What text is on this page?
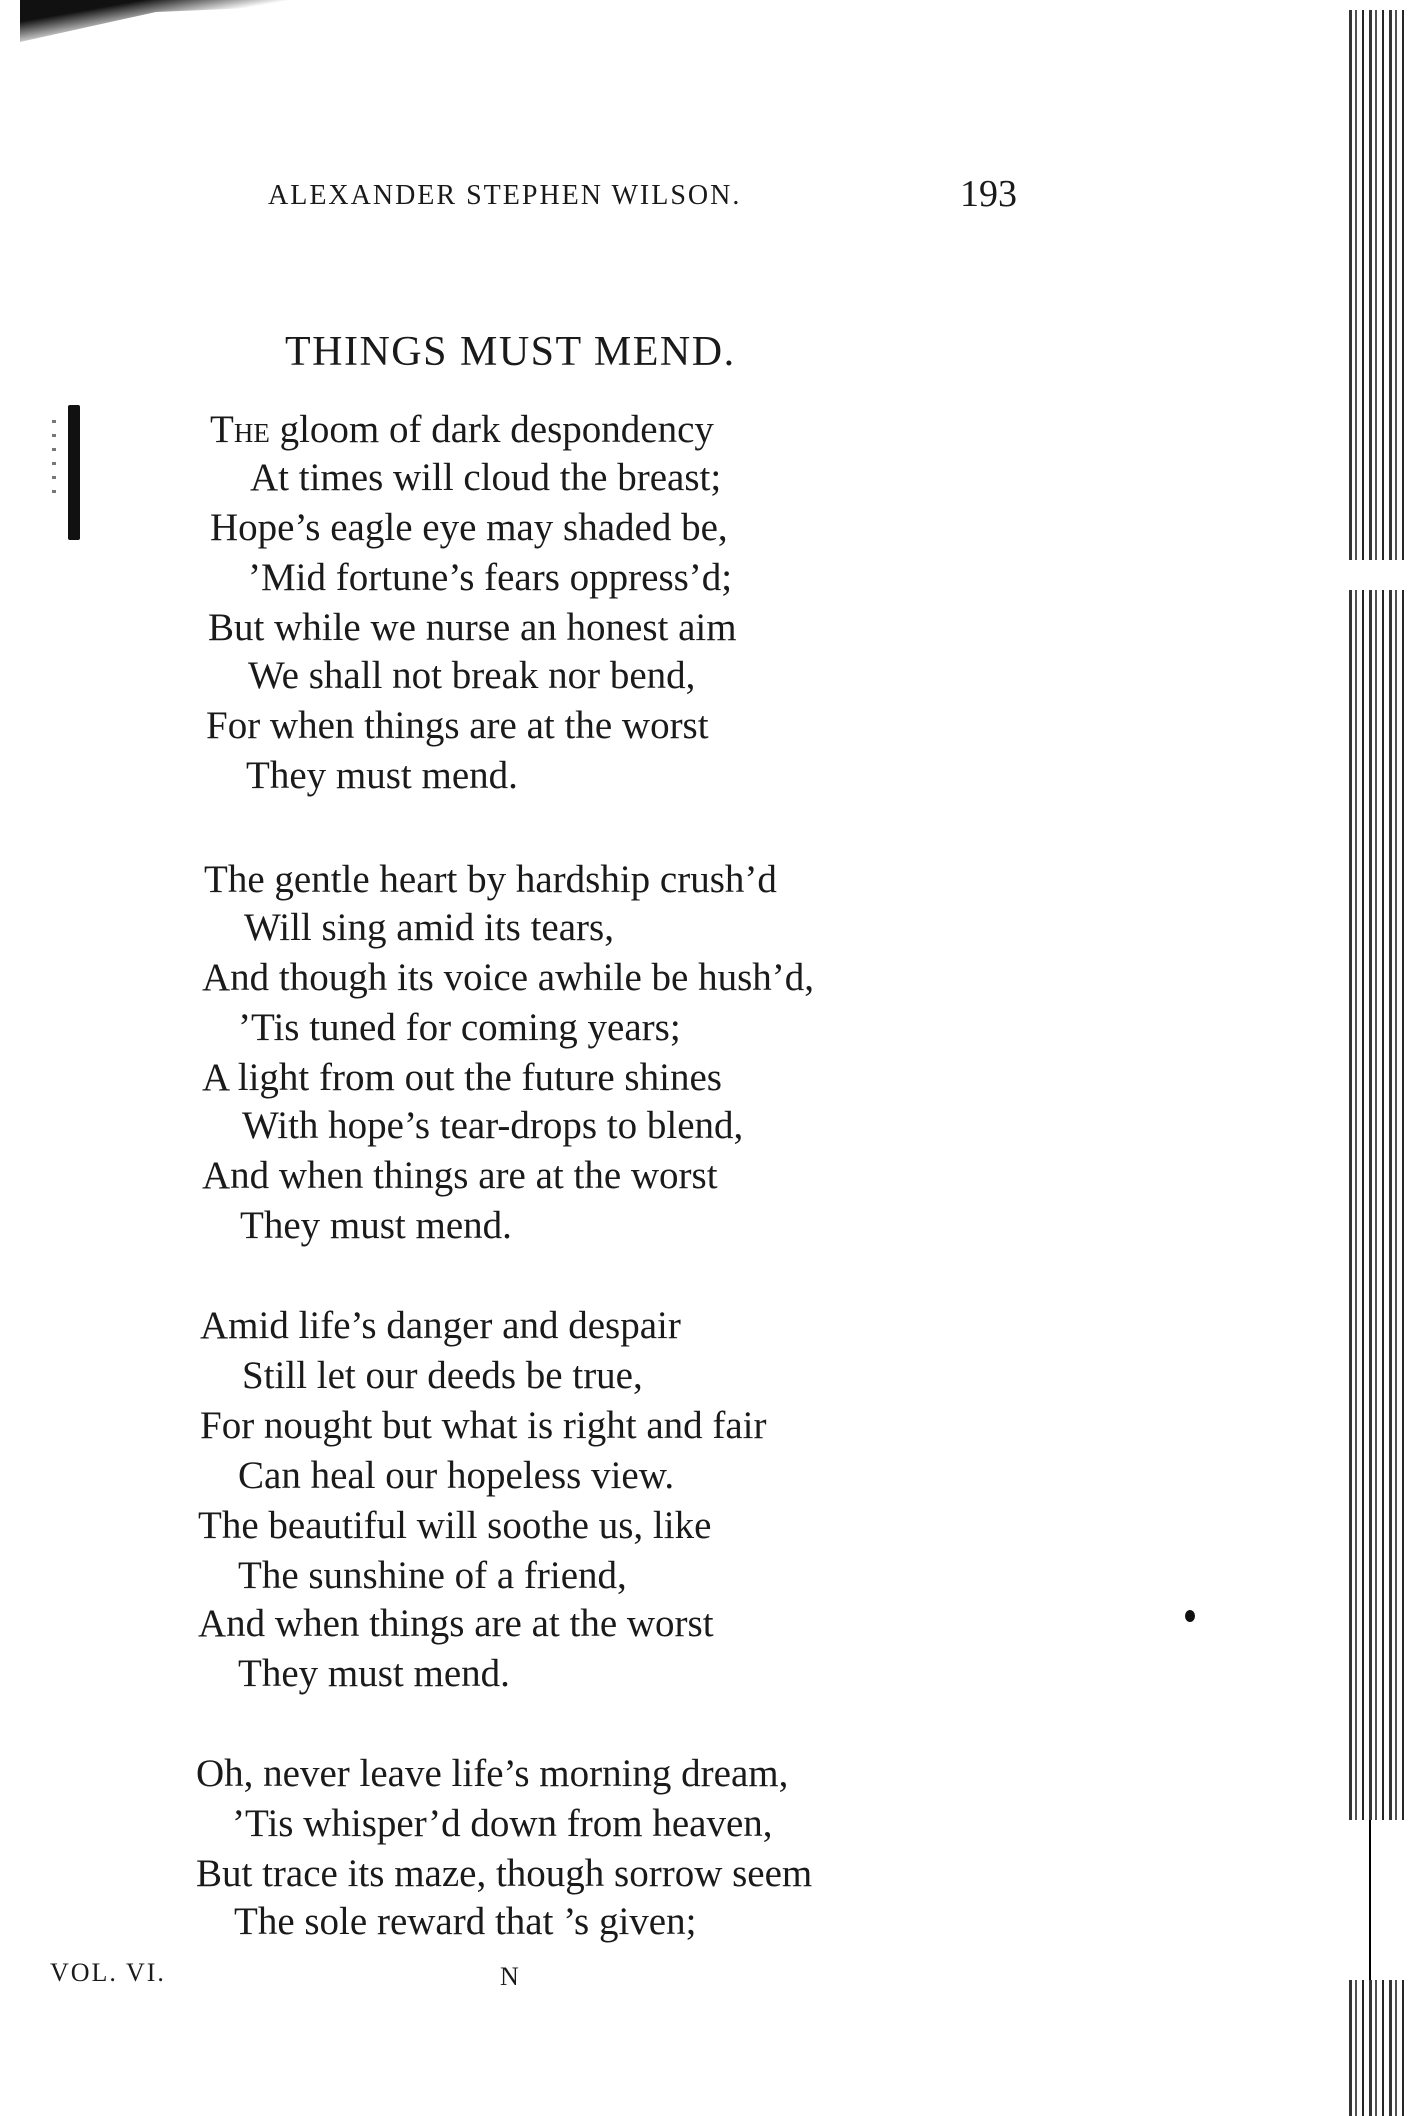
ALEXANDER STEPHEN WILSON.	193
THINGS MUST MEND.
The gloom of dark despondency
At times will cloud the breast;
Hope’s eagle eye may shaded be,
’Mid fortune’s fears oppress’d;
But while we nurse an honest aim
We shall not break nor bend,
For when things are at the worst
They must mend.
The gentle heart by hardship crush’d
Will sing amid its tears,
And though its voice awhile be hush’d,
’Tis tuned for coming years;
A light from out the future shines
With hope’s tear-drops to blend,
And when things are at the worst
They must mend.
Amid life’s danger and despair
Still let our deeds be true,
For nought but what is right and fair
Can heal our hopeless view.
The beautiful will soothe us, like
The sunshine of a friend,
And when things are at the worst
They must mend.
Oh, never leave life’s morning dream,
’Tis whisper’d down from heaven,
But trace its maze, though sorrow seem
The sole reward that ’s given;
VOL. VI.	N
